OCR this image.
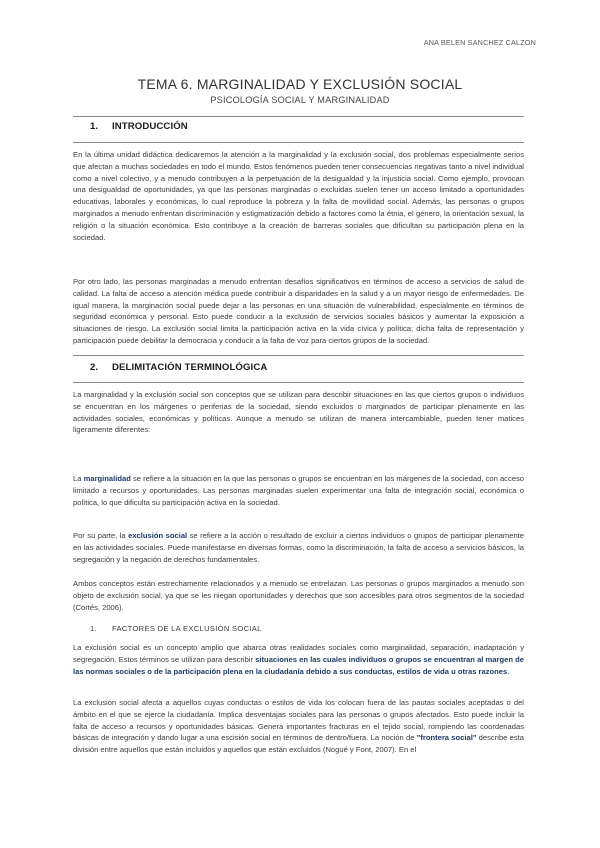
ANA BELEN SANCHEZ CALZON
TEMA 6. MARGINALIDAD Y EXCLUSIÓN SOCIAL
PSICOLOGÍA SOCIAL Y MARGINALIDAD
1. INTRODUCCIÓN

En la última unidad didáctica dedicaremos la atención a la marginalidad y la exclusión social, dos problemas especialmente serios que afectan a muchas sociedades en todo el mundo. Estos fenómenos pueden tener consecuencias negativas tanto a nivel individual como a nivel colectivo, y a menudo contribuyen a la perpetuación de la desigualdad y la injusticia social. Como ejemplo, provocan una desigualdad de oportunidades, ya que las personas marginadas o excluidas suelen tener un acceso limitado a oportunidades educativas, laborales y económicas, lo cual reproduce la pobreza y la falta de movilidad social. Además, las personas o grupos marginados a menudo enfrentan discriminación y estigmatización debido a factores como la étnia, el género, la orientación sexual, la religión o la situación económica. Esto contribuye a la creación de barreras sociales que dificultan su participación plena en la sociedad.

Por otro lado, las personas marginadas a menudo enfrentan desafíos significativos en términos de acceso a servicios de salud de calidad. La falta de acceso a atención médica puede contribuir a disparidades en la salud y a un mayor riesgo de enfermedades. De igual manera, la marginación social puede dejar a las personas en una situación de vulnerabilidad, especialmente en términos de seguridad económica y personal. Esto puede conducir a la exclusión de servicios sociales básicos y aumentar la exposición a situaciones de riesgo. La exclusión social limita la participación activa en la vida cívica y política; dicha falta de representación y participación puede debilitar la democracia y conducir a la falta de voz para ciertos grupos de la sociedad.

2. DELIMITACIÓN TERMINOLÓGICA

La marginalidad y la exclusión social son conceptos que se utilizan para describir situaciones en las que ciertos grupos o individuos se encuentran en los márgenes o periferias de la sociedad, siendo excluidos o marginados de participar plenamente en las actividades sociales, económicas y políticas. Aunque a menudo se utilizan de manera intercambiable, pueden tener matices ligeramente diferentes:

La marginalidad se refiere a la situación en la que las personas o grupos se encuentran en los márgenes de la sociedad, con acceso limitado a recursos y oportunidades. Las personas marginadas suelen experimentar una falta de integración social, económica o política, lo que dificulta su participación activa en la sociedad.

Por su parte, la exclusión social se refiere a la acción o resultado de excluir a ciertos individuos o grupos de participar plenamente en las actividades sociales. Puede manifestarse en diversas formas, como la discriminación, la falta de acceso a servicios básicos, la segregación y la negación de derechos fundamentales.

Ambos conceptos están estrechamente relacionados y a menudo se entrelazan. Las personas o grupos marginados a menudo son objeto de exclusión social, ya que se les niegan oportunidades y derechos que son accesibles para otros segmentos de la sociedad (Cortés, 2006).

1. FACTORES DE LA EXCLUSIÓN SOCIAL

La exclusión social es un concepto amplio que abarca otras realidades sociales como marginalidad, separación, inadaptación y segregación. Estos términos se utilizan para describir situaciones en las cuales individuos o grupos se encuentran al margen de las normas sociales o de la participación plena en la ciudadanía debido a sus conductas, estilos de vida u otras razones.

La exclusión social afecta a aquellos cuyas conductas o estilos de vida los colocan fuera de las pautas sociales aceptadas o del ámbito en el que se ejerce la ciudadanía. Implica desventajas sociales para las personas o grupos afectados. Esto puede incluir la falta de acceso a recursos y oportunidades básicas. Genera importantes fracturas en el tejido social, rompiendo las coordenadas básicas de integración y dando lugar a una escisión social en términos de dentro/fuera. La noción de "frontera social" describe esta división entre aquellos que están incluidos y aquellos que están excluidos (Nogué y Font, 2007). En el
